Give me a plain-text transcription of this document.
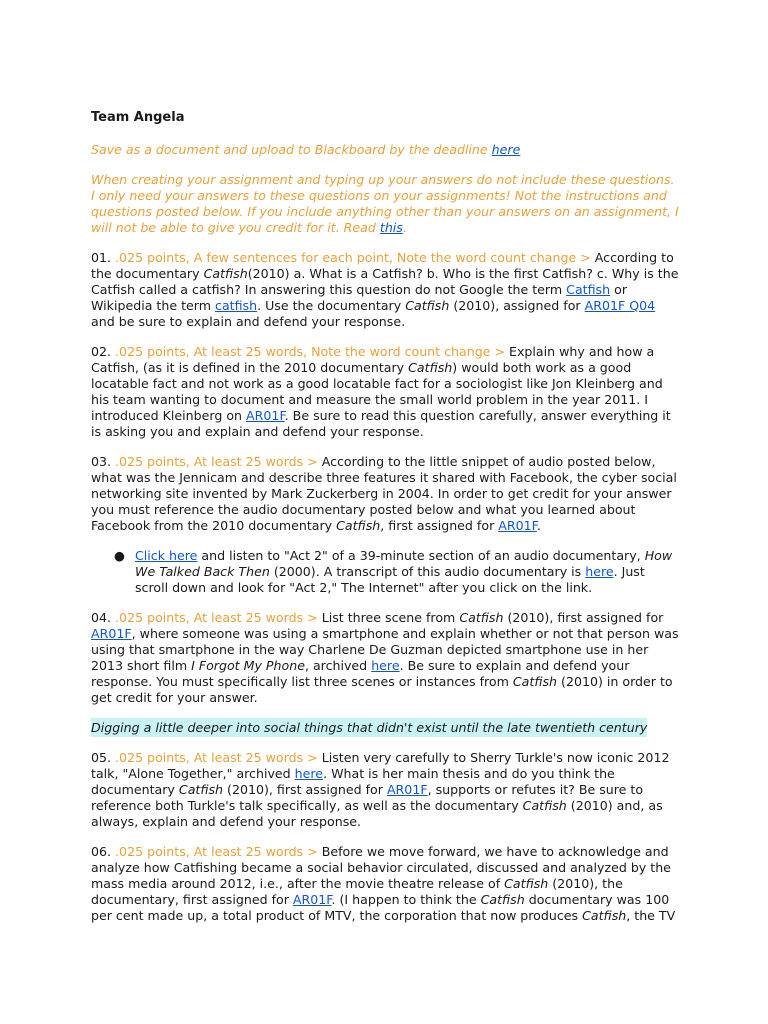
Team Angela

Save as a document and upload to Blackboard by the deadline here

When creating your assignment and typing up your answers do not include these questions. I only need your answers to these questions on your assignments! Not the instructions and questions posted below. If you include anything other than your answers on an assignment, I will not be able to give you credit for it. Read this.

01. .025 points, A few sentences for each point, Note the word count change > According to the documentary Catfish(2010) a. What is a Catfish? b. Who is the first Catfish? c. Why is the Catfish called a catfish? In answering this question do not Google the term Catfish or Wikipedia the term catfish. Use the documentary Catfish (2010), assigned for AR01F Q04 and be sure to explain and defend your response.

02. .025 points, At least 25 words, Note the word count change > Explain why and how a Catfish, (as it is defined in the 2010 documentary Catfish) would both work as a good locatable fact and not work as a good locatable fact for a sociologist like Jon Kleinberg and his team wanting to document and measure the small world problem in the year 2011. I introduced Kleinberg on AR01F. Be sure to read this question carefully, answer everything it is asking you and explain and defend your response.

03. .025 points, At least 25 words > According to the little snippet of audio posted below, what was the Jennicam and describe three features it shared with Facebook, the cyber social networking site invented by Mark Zuckerberg in 2004. In order to get credit for your answer you must reference the audio documentary posted below and what you learned about Facebook from the 2010 documentary Catfish, first assigned for AR01F.

● Click here and listen to "Act 2" of a 39-minute section of an audio documentary, How We Talked Back Then (2000). A transcript of this audio documentary is here. Just scroll down and look for "Act 2," The Internet" after you click on the link.

04. .025 points, At least 25 words > List three scene from Catfish (2010), first assigned for AR01F, where someone was using a smartphone and explain whether or not that person was using that smartphone in the way Charlene De Guzman depicted smartphone use in her 2013 short film I Forgot My Phone, archived here. Be sure to explain and defend your response. You must specifically list three scenes or instances from Catfish (2010) in order to get credit for your answer.

Digging a little deeper into social things that didn't exist until the late twentieth century

05. .025 points, At least 25 words > Listen very carefully to Sherry Turkle's now iconic 2012 talk, "Alone Together," archived here. What is her main thesis and do you think the documentary Catfish (2010), first assigned for AR01F, supports or refutes it? Be sure to reference both Turkle's talk specifically, as well as the documentary Catfish (2010) and, as always, explain and defend your response.

06. .025 points, At least 25 words > Before we move forward, we have to acknowledge and analyze how Catfishing became a social behavior circulated, discussed and analyzed by the mass media around 2012, i.e., after the movie theatre release of Catfish (2010), the documentary, first assigned for AR01F. (I happen to think the Catfish documentary was 100 per cent made up, a total product of MTV, the corporation that now produces Catfish, the TV
